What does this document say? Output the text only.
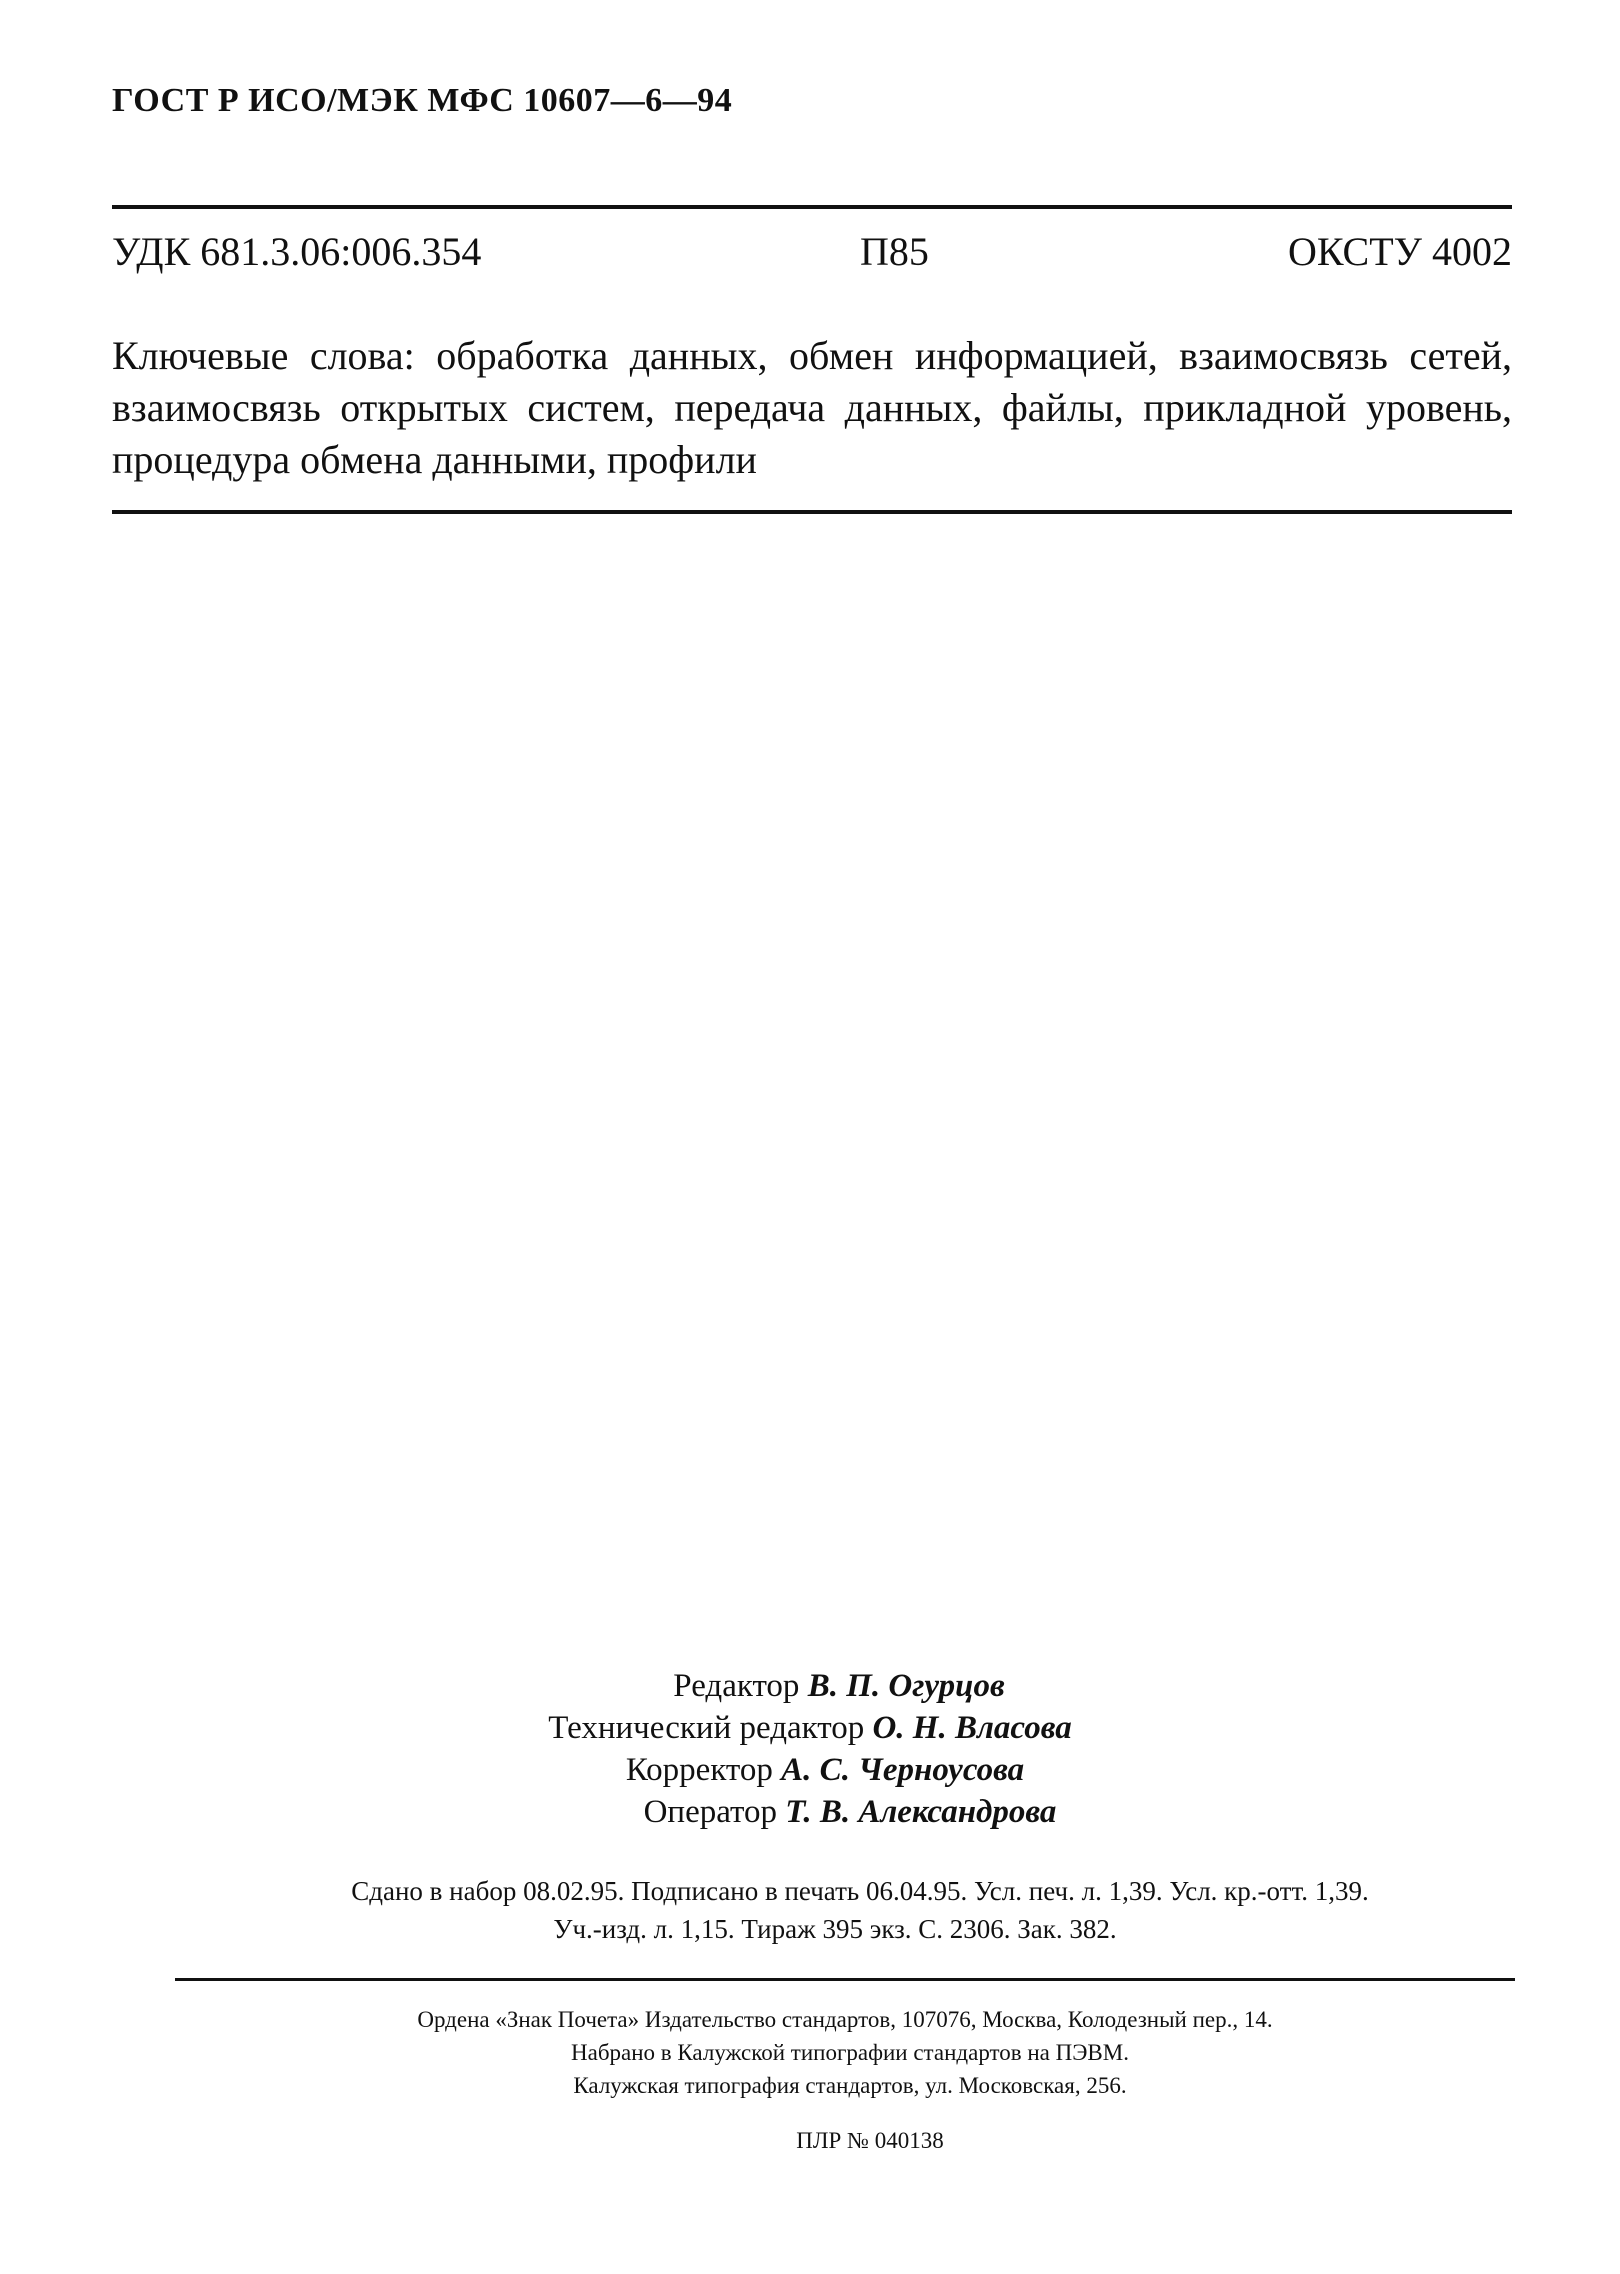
ГОСТ Р ИСО/МЭК МФС 10607—6—94
УДК 681.3.06:006.354	П85	ОКСТУ 4002
Ключевые слова: обработка данных, обмен информацией, взаимосвязь сетей, взаимосвязь открытых систем, передача данных, файлы, прикладной уровень, процедура обмена данными, профили
Редактор В. П. Огурцов
Технический редактор О. Н. Власова
Корректор А. С. Черноусова
Оператор Т. В. Александрова
Сдано в набор 08.02.95. Подписано в печать 06.04.95. Усл. печ. л. 1,39. Усл. кр.-отт. 1,39.
Уч.-изд. л. 1,15. Тираж 395 экз. С. 2306. Зак. 382.
Ордена «Знак Почета» Издательство стандартов, 107076, Москва, Колодезный пер., 14.
Набрано в Калужской типографии стандартов на ПЭВМ.
Калужская типография стандартов, ул. Московская, 256.
ПЛР № 040138
